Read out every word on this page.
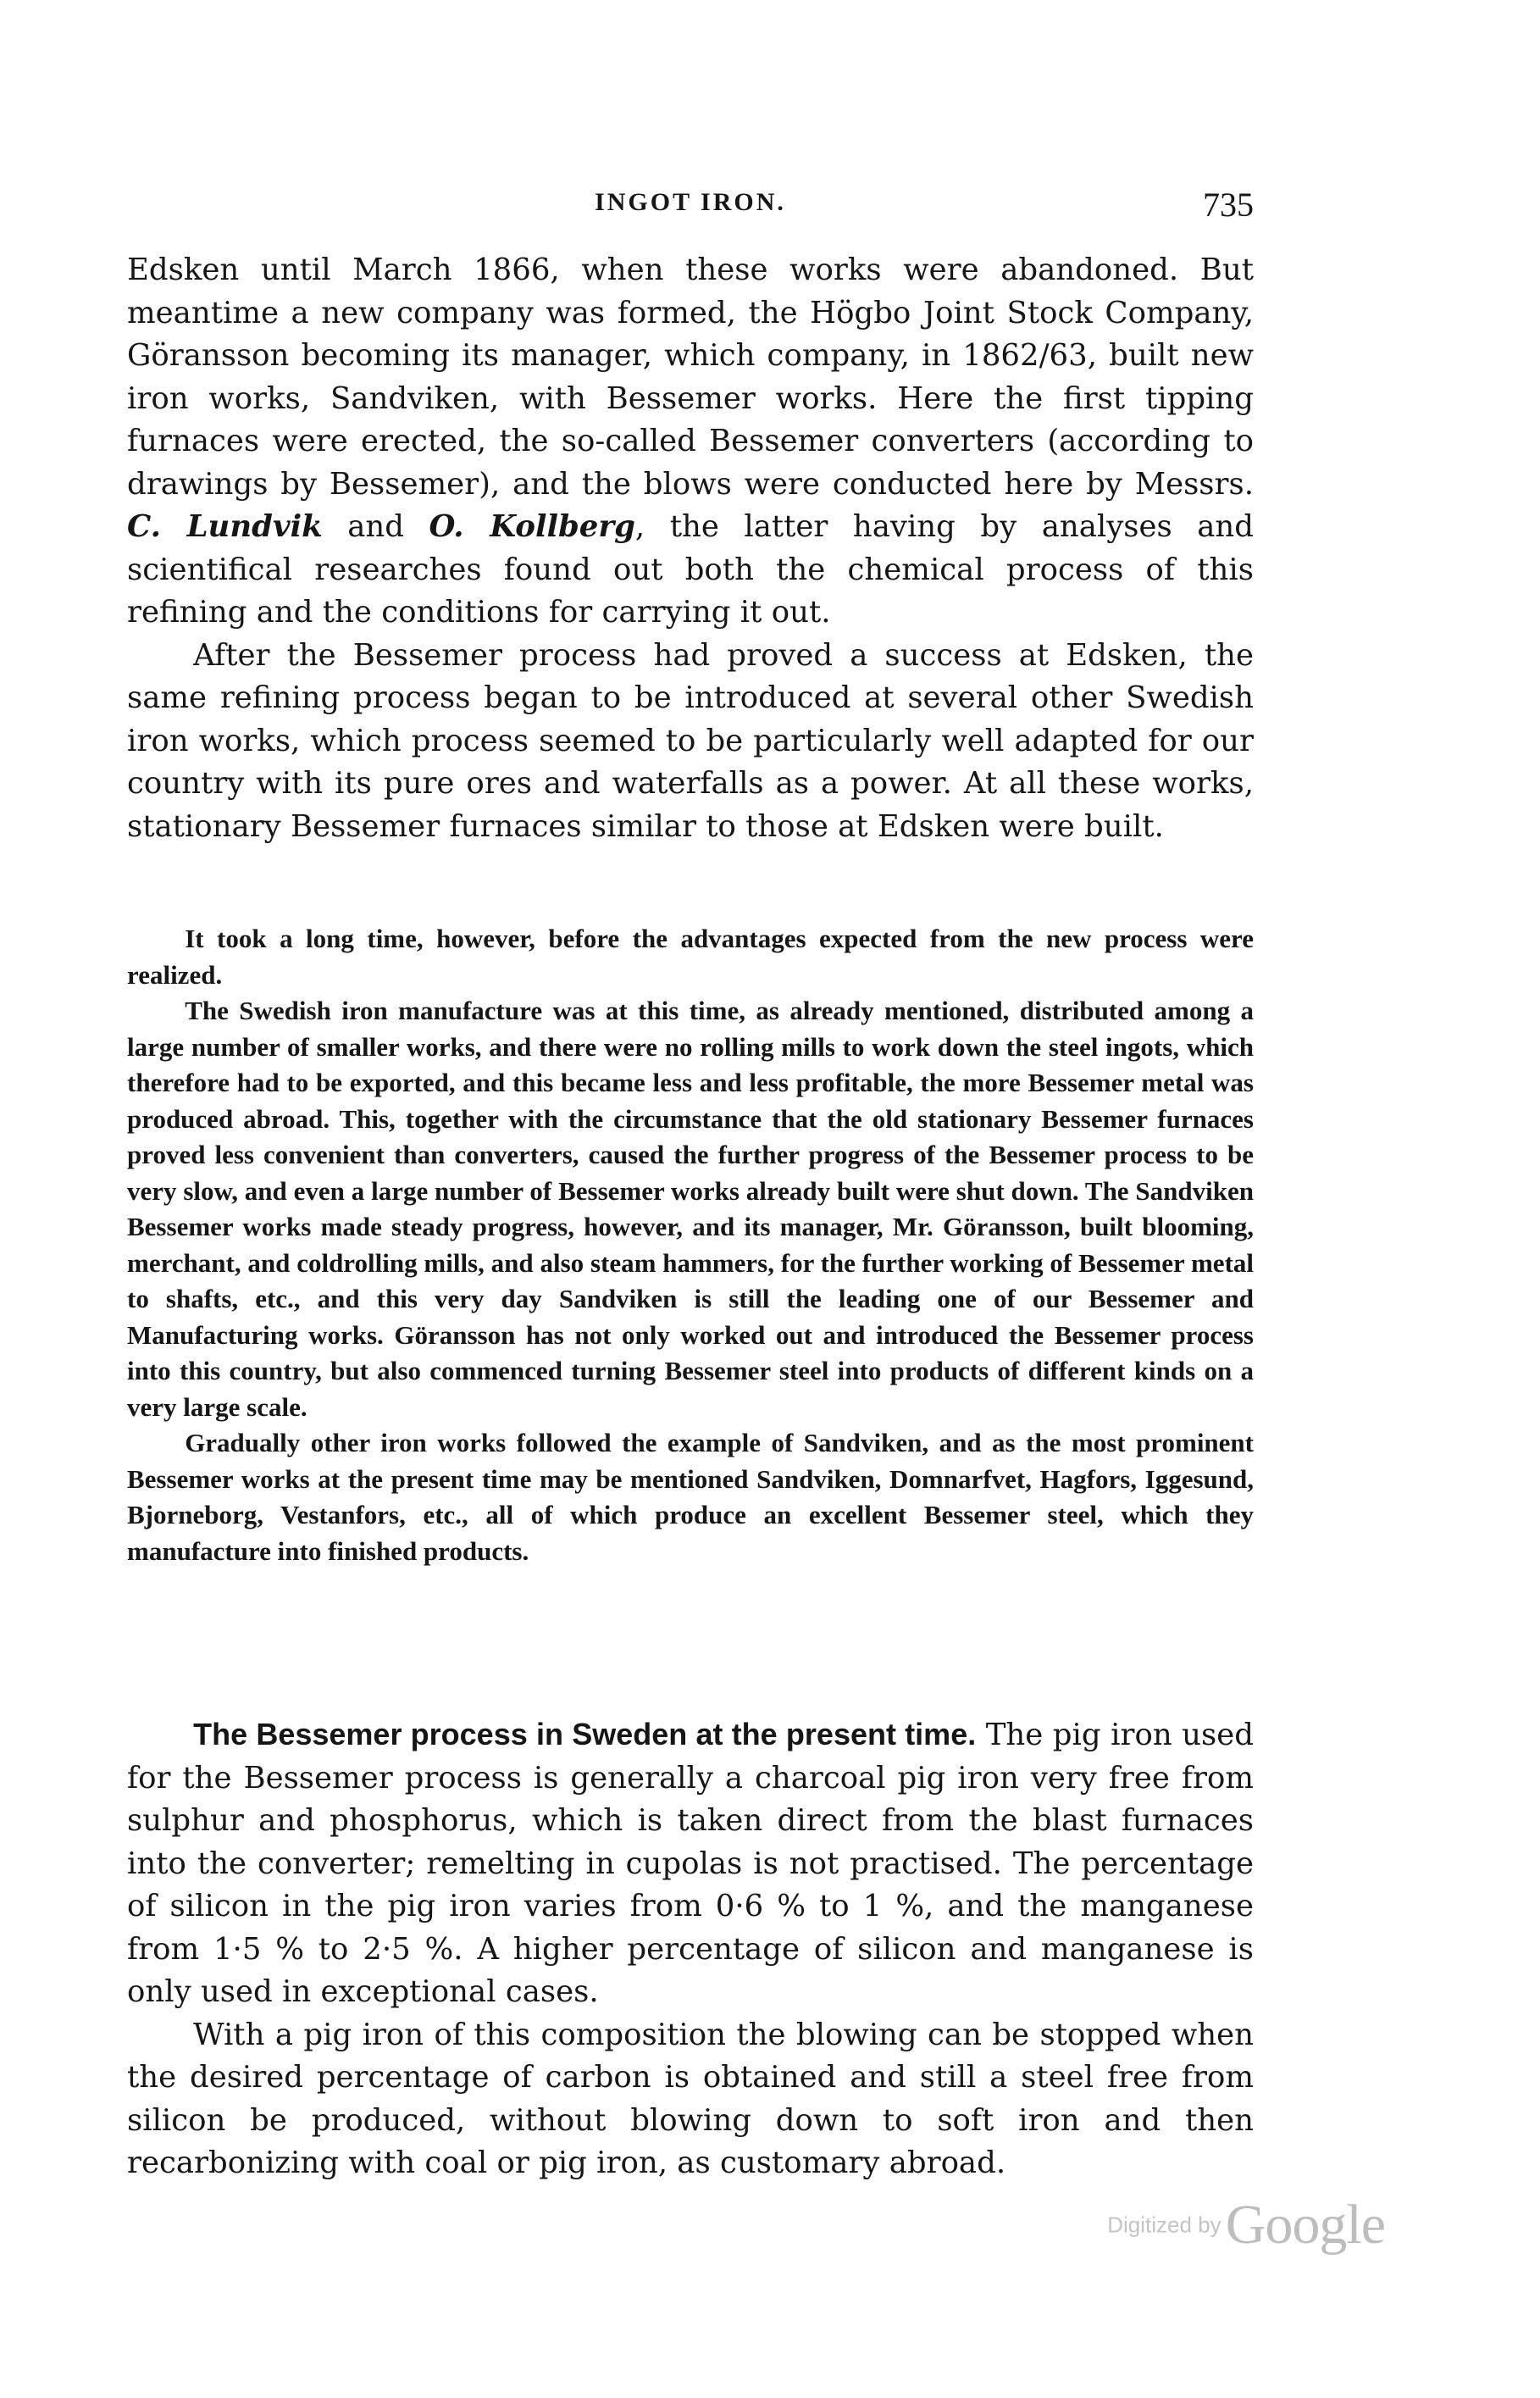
INGOT IRON.	735

Edsken until March 1866, when these works were abandoned. But meantime a new company was formed, the Högbo Joint Stock Company, Göransson becoming its manager, which company, in 1862/63, built new iron works, Sandviken, with Bessemer works. Here the first tipping furnaces were erected, the so-called Bessemer converters (according to drawings by Bessemer), and the blows were conducted here by Messrs. C. Lundvik and O. Kollberg, the latter having by analyses and scientifical researches found out both the chemical process of this refining and the conditions for carrying it out.

After the Bessemer process had proved a success at Edsken, the same refining process began to be introduced at several other Swedish iron works, which process seemed to be particularly well adapted for our country with its pure ores and waterfalls as a power. At all these works, stationary Bessemer furnaces similar to those at Edsken were built.

It took a long time, however, before the advantages expected from the new process were realized.

The Swedish iron manufacture was at this time, as already mentioned, distributed among a large number of smaller works, and there were no rolling mills to work down the steel ingots, which therefore had to be exported, and this became less and less profitable, the more Bessemer metal was produced abroad. This, together with the circumstance that the old stationary Bessemer furnaces proved less convenient than converters, caused the further progress of the Bessemer process to be very slow, and even a large number of Bessemer works already built were shut down. The Sandviken Bessemer works made steady progress, however, and its manager, Mr. Göransson, built blooming, merchant, and coldrolling mills, and also steam hammers, for the further working of Bessemer metal to shafts, etc., and this very day Sandviken is still the leading one of our Bessemer and Manufacturing works. Göransson has not only worked out and introduced the Bessemer process into this country, but also commenced turning Bessemer steel into products of different kinds on a very large scale.

Gradually other iron works followed the example of Sandviken, and as the most prominent Bessemer works at the present time may be mentioned Sandviken, Domnarfvet, Hagfors, Iggesund, Bjorneborg, Vestanfors, etc., all of which produce an excellent Bessemer steel, which they manufacture into finished products.

The Bessemer process in Sweden at the present time. The pig iron used for the Bessemer process is generally a charcoal pig iron very free from sulphur and phosphorus, which is taken direct from the blast furnaces into the converter; remelting in cupolas is not practised. The percentage of silicon in the pig iron varies from 0·6 % to 1 %, and the manganese from 1·5 % to 2·5 %. A higher percentage of silicon and manganese is only used in exceptional cases.

With a pig iron of this composition the blowing can be stopped when the desired percentage of carbon is obtained and still a steel free from silicon be produced, without blowing down to soft iron and then recarbonizing with coal or pig iron, as customary abroad.

Digitized by Google
